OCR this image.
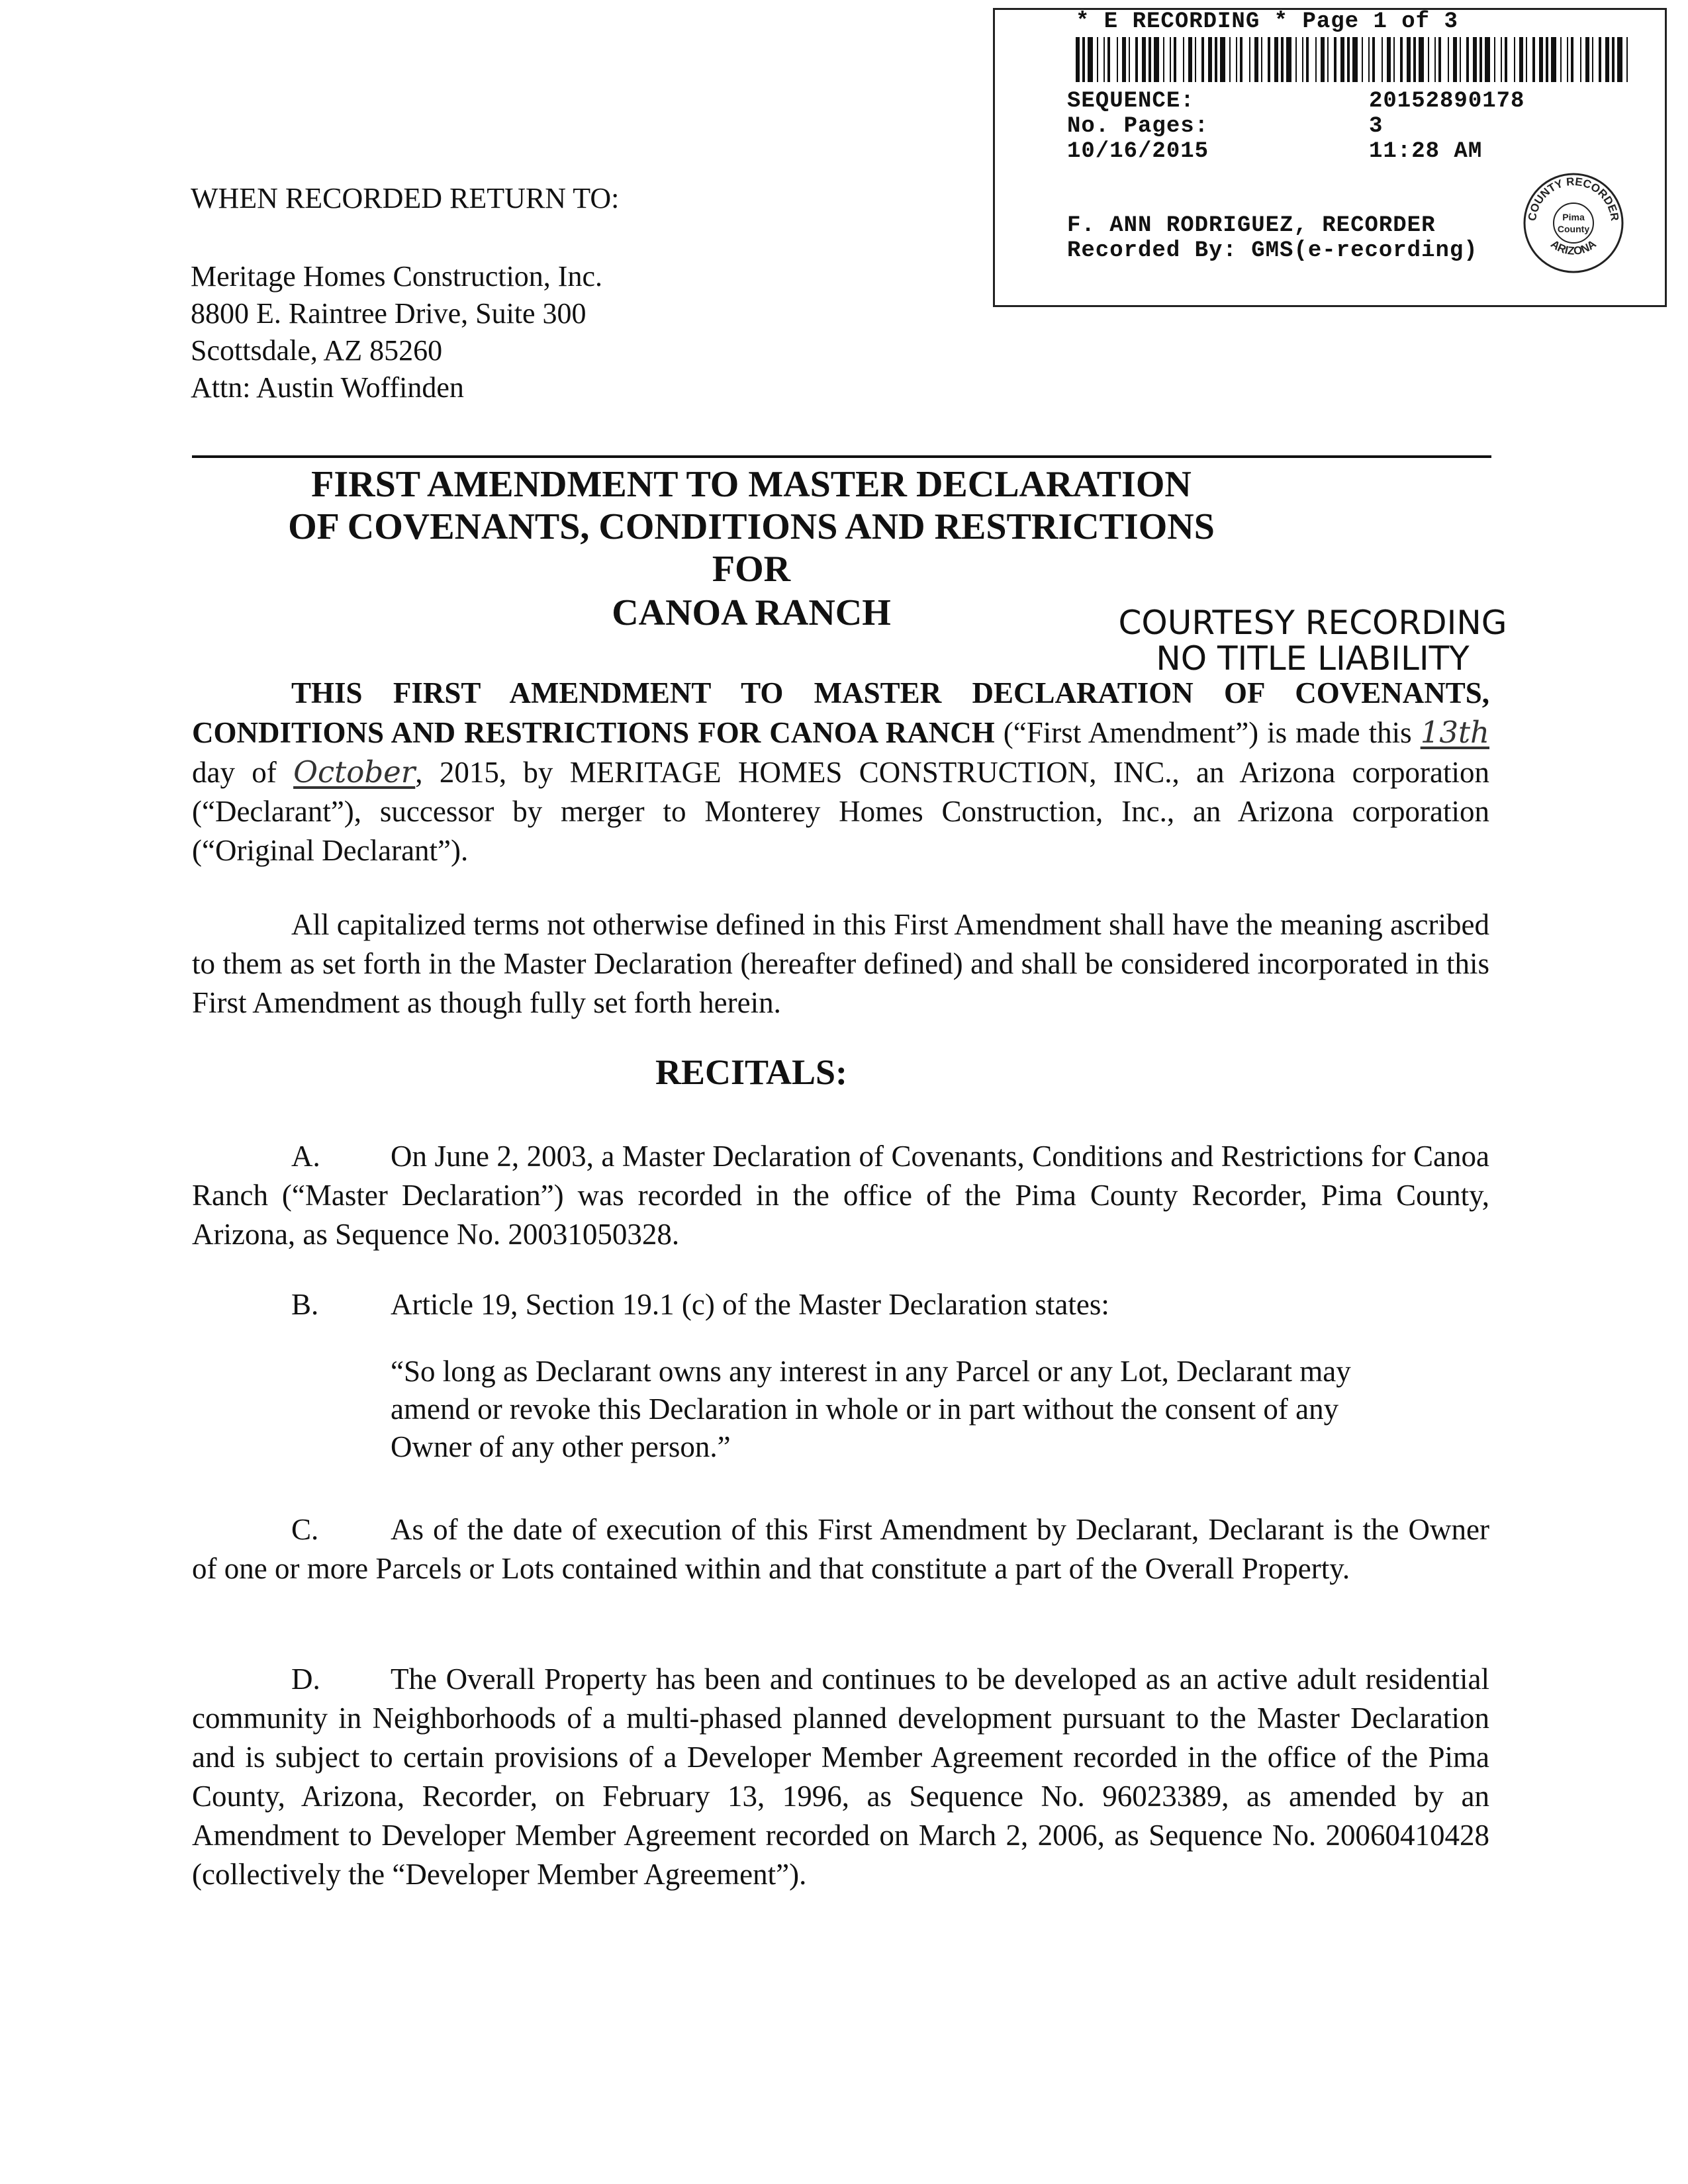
* E RECORDING * Page 1 of 3
SEQUENCE:	20152890178
No. Pages:	3
10/16/2015	11:28 AM
F. ANN RODRIGUEZ, RECORDER
Recorded By: GMS(e-recording)
COUNTY RECORDER
ARIZONA
Pima
County
WHEN RECORDED RETURN TO:
Meritage Homes Construction, Inc.
8800 E. Raintree Drive, Suite 300
Scottsdale, AZ 85260
Attn: Austin Woffinden
FIRST AMENDMENT TO MASTER DECLARATION
OF COVENANTS, CONDITIONS AND RESTRICTIONS
FOR
CANOA RANCH	COURTESY RECORDING
NO TITLE LIABILITY
THIS FIRST AMENDMENT TO MASTER DECLARATION OF COVENANTS, CONDITIONS AND RESTRICTIONS FOR CANOA RANCH (“First Amendment”) is made this 13th day of October, 2015, by MERITAGE HOMES CONSTRUCTION, INC., an Arizona corporation (“Declarant”), successor by merger to Monterey Homes Construction, Inc., an Arizona corporation (“Original Declarant”).
All capitalized terms not otherwise defined in this First Amendment shall have the meaning ascribed to them as set forth in the Master Declaration (hereafter defined) and shall be considered incorporated in this First Amendment as though fully set forth herein.
RECITALS:
A. On June 2, 2003, a Master Declaration of Covenants, Conditions and Restrictions for Canoa Ranch (“Master Declaration”) was recorded in the office of the Pima County Recorder, Pima County, Arizona, as Sequence No. 20031050328.
B. Article 19, Section 19.1 (c) of the Master Declaration states:
“So long as Declarant owns any interest in any Parcel or any Lot, Declarant may amend or revoke this Declaration in whole or in part without the consent of any Owner of any other person.”
C. As of the date of execution of this First Amendment by Declarant, Declarant is the Owner of one or more Parcels or Lots contained within and that constitute a part of the Overall Property.
D. The Overall Property has been and continues to be developed as an active adult residential community in Neighborhoods of a multi-phased planned development pursuant to the Master Declaration and is subject to certain provisions of a Developer Member Agreement recorded in the office of the Pima County, Arizona, Recorder, on February 13, 1996, as Sequence No. 96023389, as amended by an Amendment to Developer Member Agreement recorded on March 2, 2006, as Sequence No. 20060410428 (collectively the “Developer Member Agreement”).
